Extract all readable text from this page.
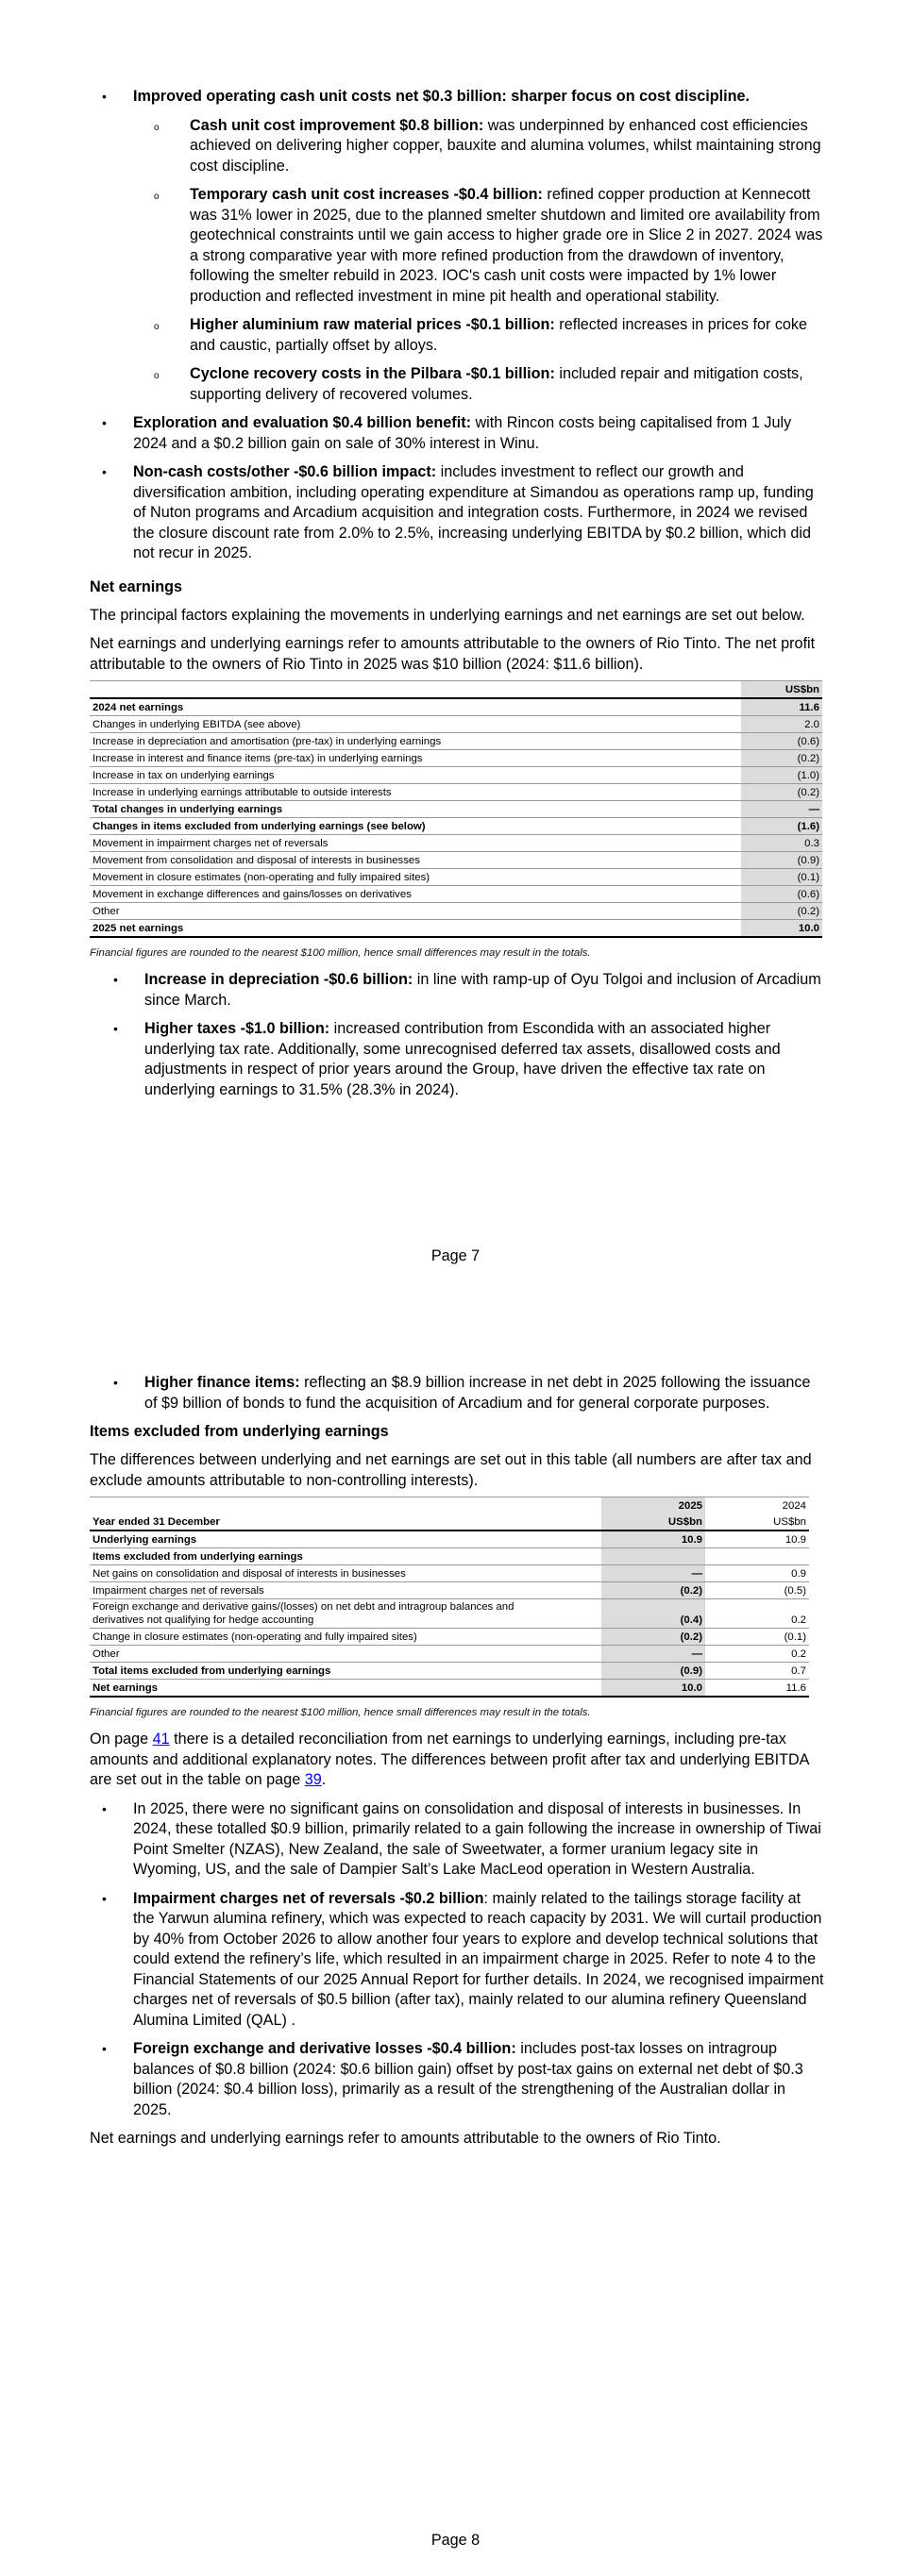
• Improved operating cash unit costs net $0.3 billion: sharper focus on cost discipline.
o Cash unit cost improvement $0.8 billion: was underpinned by enhanced cost efficiencies achieved on delivering higher copper, bauxite and alumina volumes, whilst maintaining strong cost discipline.
o Temporary cash unit cost increases -$0.4 billion: refined copper production at Kennecott was 31% lower in 2025, due to the planned smelter shutdown and limited ore availability from geotechnical constraints until we gain access to higher grade ore in Slice 2 in 2027. 2024 was a strong comparative year with more refined production from the drawdown of inventory, following the smelter rebuild in 2023. IOC's cash unit costs were impacted by 1% lower production and reflected investment in mine pit health and operational stability.
o Higher aluminium raw material prices -$0.1 billion: reflected increases in prices for coke and caustic, partially offset by alloys.
o Cyclone recovery costs in the Pilbara -$0.1 billion: included repair and mitigation costs, supporting delivery of recovered volumes.
• Exploration and evaluation $0.4 billion benefit: with Rincon costs being capitalised from 1 July 2024 and a $0.2 billion gain on sale of 30% interest in Winu.
• Non-cash costs/other -$0.6 billion impact: includes investment to reflect our growth and diversification ambition, including operating expenditure at Simandou as operations ramp up, funding of Nuton programs and Arcadium acquisition and integration costs. Furthermore, in 2024 we revised the closure discount rate from 2.0% to 2.5%, increasing underlying EBITDA by $0.2 billion, which did not recur in 2025.
Net earnings

The principal factors explaining the movements in underlying earnings and net earnings are set out below.

Net earnings and underlying earnings refer to amounts attributable to the owners of Rio Tinto. The net profit attributable to the owners of Rio Tinto in 2025 was $10 billion (2024: $11.6 billion).

	US$bn
2024 net earnings	11.6
Changes in underlying EBITDA (see above)	2.0
Increase in depreciation and amortisation (pre-tax) in underlying earnings	(0.6)
Increase in interest and finance items (pre-tax) in underlying earnings	(0.2)
Increase in tax on underlying earnings	(1.0)
Increase in underlying earnings attributable to outside interests	(0.2)
Total changes in underlying earnings	—
Changes in items excluded from underlying earnings (see below)	(1.6)
Movement in impairment charges net of reversals	0.3
Movement from consolidation and disposal of interests in businesses	(0.9)
Movement in closure estimates (non-operating and fully impaired sites)	(0.1)
Movement in exchange differences and gains/losses on derivatives	(0.6)
Other	(0.2)
2025 net earnings	10.0
Financial figures are rounded to the nearest $100 million, hence small differences may result in the totals.
• Increase in depreciation -$0.6 billion: in line with ramp-up of Oyu Tolgoi and inclusion of Arcadium since March.
• Higher taxes -$1.0 billion: increased contribution from Escondida with an associated higher underlying tax rate. Additionally, some unrecognised deferred tax assets, disallowed costs and adjustments in respect of prior years around the Group, have driven the effective tax rate on underlying earnings to 31.5% (28.3% in 2024).
Page 7
• Higher finance items: reflecting an $8.9 billion increase in net debt in 2025 following the issuance of $9 billion of bonds to fund the acquisition of Arcadium and for general corporate purposes.
Items excluded from underlying earnings

The differences between underlying and net earnings are set out in this table (all numbers are after tax and exclude amounts attributable to non-controlling interests).

	2025	2024
Year ended 31 December	US$bn	US$bn
Underlying earnings	10.9	10.9
Items excluded from underlying earnings		
Net gains on consolidation and disposal of interests in businesses	—	0.9
Impairment charges net of reversals	(0.2)	(0.5)
Foreign exchange and derivative gains/(losses) on net debt and intragroup balances and derivatives not qualifying for hedge accounting	(0.4)	0.2
Change in closure estimates (non-operating and fully impaired sites)	(0.2)	(0.1)
Other	—	0.2
Total items excluded from underlying earnings	(0.9)	0.7
Net earnings	10.0	11.6
Financial figures are rounded to the nearest $100 million, hence small differences may result in the totals.

On page 41 there is a detailed reconciliation from net earnings to underlying earnings, including pre-tax amounts and additional explanatory notes. The differences between profit after tax and underlying EBITDA are set out in the table on page 39.

• In 2025, there were no significant gains on consolidation and disposal of interests in businesses. In 2024, these totalled $0.9 billion, primarily related to a gain following the increase in ownership of Tiwai Point Smelter (NZAS), New Zealand, the sale of Sweetwater, a former uranium legacy site in Wyoming, US, and the sale of Dampier Salt’s Lake MacLeod operation in Western Australia.
• Impairment charges net of reversals -$0.2 billion: mainly related to the tailings storage facility at the Yarwun alumina refinery, which was expected to reach capacity by 2031. We will curtail production by 40% from October 2026 to allow another four years to explore and develop technical solutions that could extend the refinery’s life, which resulted in an impairment charge in 2025. Refer to note 4 to the Financial Statements of our 2025 Annual Report for further details. In 2024, we recognised impairment charges net of reversals of $0.5 billion (after tax), mainly related to our alumina refinery Queensland Alumina Limited (QAL) .
• Foreign exchange and derivative losses -$0.4 billion: includes post-tax losses on intragroup balances of $0.8 billion (2024: $0.6 billion gain) offset by post-tax gains on external net debt of $0.3 billion (2024: $0.4 billion loss), primarily as a result of the strengthening of the Australian dollar in 2025.

Net earnings and underlying earnings refer to amounts attributable to the owners of Rio Tinto.

Page 8
